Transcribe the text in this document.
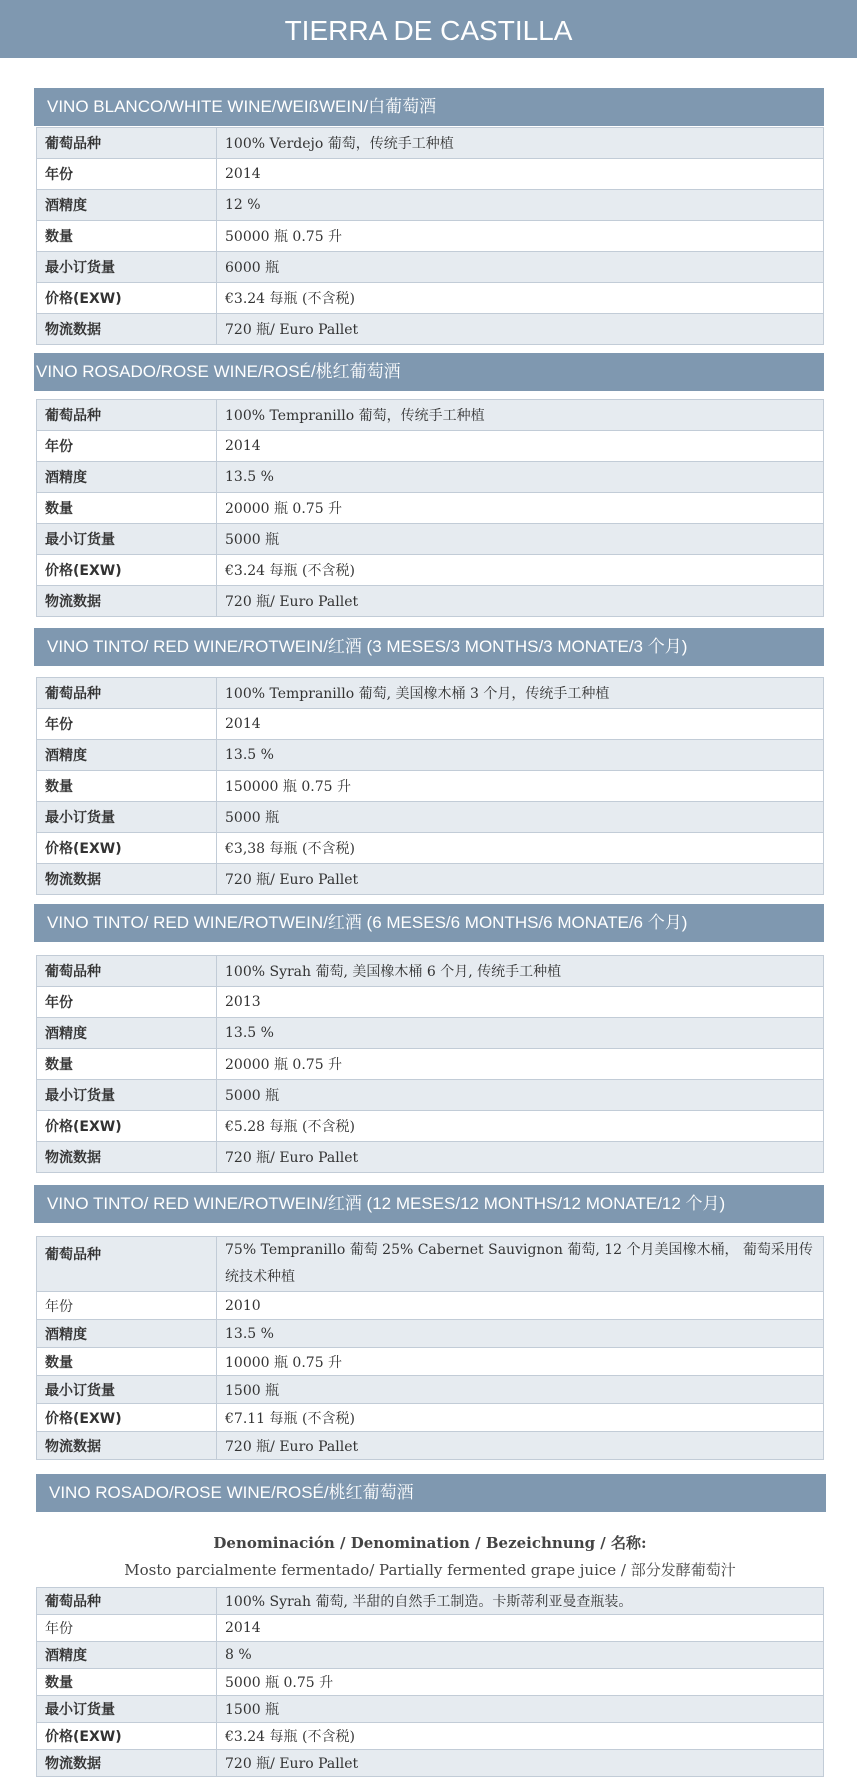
TIERRA DE CASTILLA
VINO BLANCO/WHITE WINE/WEIßWEIN/白葡萄酒
葡萄品种	100% Verdejo 葡萄，传统手工种植
年份	2014
酒精度	12 %
数量	50000 瓶 0.75 升
最小订货量	6000 瓶
价格(EXW)	€3.24 每瓶 (不含税)
物流数据	720 瓶/ Euro Pallet
VINO ROSADO/ROSE WINE/ROSÉ/桃红葡萄酒
葡萄品种	100% Tempranillo 葡萄，传统手工种植
年份	2014
酒精度	13.5 %
数量	20000 瓶 0.75 升
最小订货量	5000 瓶
价格(EXW)	€3.24 每瓶 (不含税)
物流数据	720 瓶/ Euro Pallet
VINO TINTO/ RED WINE/ROTWEIN/红酒 (3 MESES/3 MONTHS/3 MONATE/3 个月)
葡萄品种	100% Tempranillo 葡萄, 美国橡木桶 3 个月，传统手工种植
年份	2014
酒精度	13.5 %
数量	150000 瓶 0.75 升
最小订货量	5000 瓶
价格(EXW)	€3,38 每瓶 (不含税)
物流数据	720 瓶/ Euro Pallet
VINO TINTO/ RED WINE/ROTWEIN/红酒 (6 MESES/6 MONTHS/6 MONATE/6 个月)
葡萄品种	100% Syrah 葡萄, 美国橡木桶 6 个月, 传统手工种植
年份	2013
酒精度	13.5 %
数量	20000 瓶 0.75 升
最小订货量	5000 瓶
价格(EXW)	€5.28 每瓶 (不含税)
物流数据	720 瓶/ Euro Pallet
VINO TINTO/ RED WINE/ROTWEIN/红酒 (12 MESES/12 MONTHS/12 MONATE/12 个月)
葡萄品种	75% Tempranillo 葡萄 25% Cabernet Sauvignon 葡萄, 12 个月美国橡木桶， 葡萄采用传统技术种植
年份	2010
酒精度	13.5 %
数量	10000 瓶 0.75 升
最小订货量	1500 瓶
价格(EXW)	€7.11 每瓶 (不含税)
物流数据	720 瓶/ Euro Pallet
VINO ROSADO/ROSE WINE/ROSÉ/桃红葡萄酒
Denominación / Denomination / Bezeichnung / 名称:
Mosto parcialmente fermentado/ Partially fermented grape juice / 部分发酵葡萄汁
葡萄品种	100% Syrah 葡萄, 半甜的自然手工制造。卡斯蒂利亚曼查瓶装。
年份	2014
酒精度	8 %
数量	5000 瓶 0.75 升
最小订货量	1500 瓶
价格(EXW)	€3.24 每瓶 (不含税)
物流数据	720 瓶/ Euro Pallet
